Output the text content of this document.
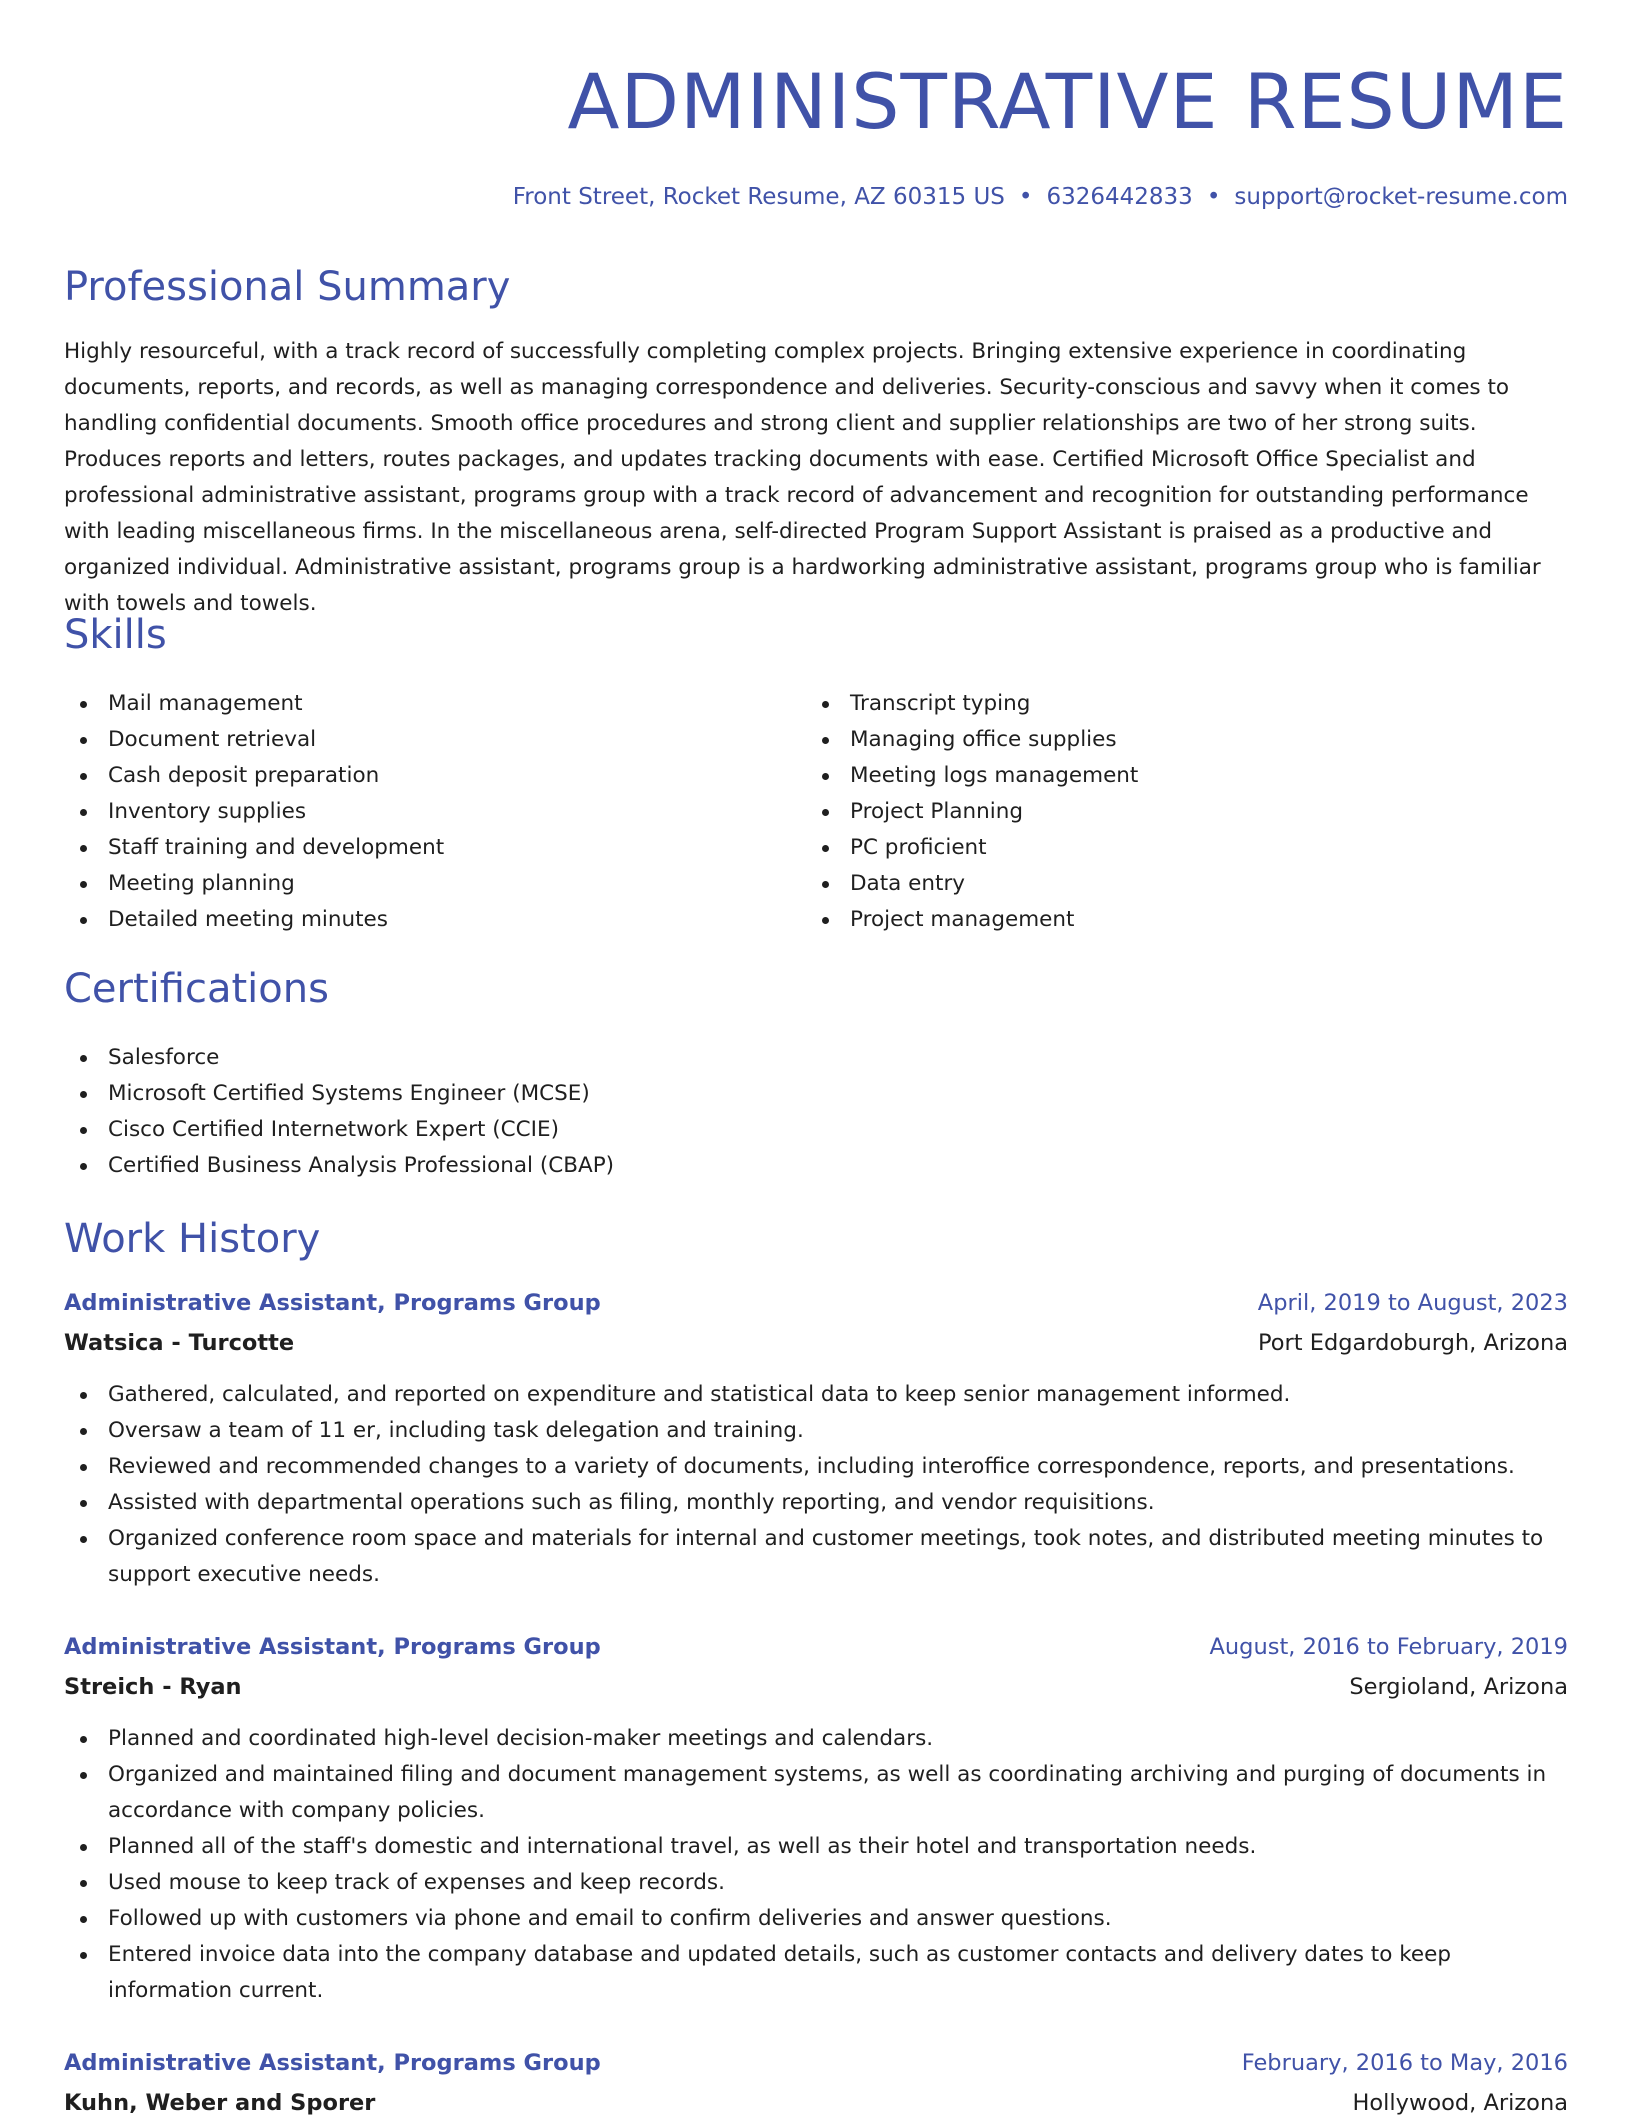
ADMINISTRATIVE RESUME
Front Street, Rocket Resume, AZ 60315 US • 6326442833 • support@rocket-resume.com
Professional Summary
Highly resourceful, with a track record of successfully completing complex projects. Bringing extensive experience in coordinating documents, reports, and records, as well as managing correspondence and deliveries. Security-conscious and savvy when it comes to handling confidential documents. Smooth office procedures and strong client and supplier relationships are two of her strong suits. Produces reports and letters, routes packages, and updates tracking documents with ease. Certified Microsoft Office Specialist and professional administrative assistant, programs group with a track record of advancement and recognition for outstanding performance with leading miscellaneous firms. In the miscellaneous arena, self-directed Program Support Assistant is praised as a productive and organized individual. Administrative assistant, programs group is a hardworking administrative assistant, programs group who is familiar with towels and towels.
Skills
Mail management
Document retrieval
Cash deposit preparation
Inventory supplies
Staff training and development
Meeting planning
Detailed meeting minutes
Transcript typing
Managing office supplies
Meeting logs management
Project Planning
PC proficient
Data entry
Project management
Certifications
Salesforce
Microsoft Certified Systems Engineer (MCSE)
Cisco Certified Internetwork Expert (CCIE)
Certified Business Analysis Professional (CBAP)
Work History
Administrative Assistant, Programs Group	April, 2019 to August, 2023
Watsica - Turcotte	Port Edgardoburgh, Arizona
Gathered, calculated, and reported on expenditure and statistical data to keep senior management informed.
Oversaw a team of 11 er, including task delegation and training.
Reviewed and recommended changes to a variety of documents, including interoffice correspondence, reports, and presentations.
Assisted with departmental operations such as filing, monthly reporting, and vendor requisitions.
Organized conference room space and materials for internal and customer meetings, took notes, and distributed meeting minutes to support executive needs.
Administrative Assistant, Programs Group	August, 2016 to February, 2019
Streich - Ryan	Sergioland, Arizona
Planned and coordinated high-level decision-maker meetings and calendars.
Organized and maintained filing and document management systems, as well as coordinating archiving and purging of documents in accordance with company policies.
Planned all of the staff's domestic and international travel, as well as their hotel and transportation needs.
Used mouse to keep track of expenses and keep records.
Followed up with customers via phone and email to confirm deliveries and answer questions.
Entered invoice data into the company database and updated details, such as customer contacts and delivery dates to keep information current.
Administrative Assistant, Programs Group	February, 2016 to May, 2016
Kuhn, Weber and Sporer	Hollywood, Arizona
